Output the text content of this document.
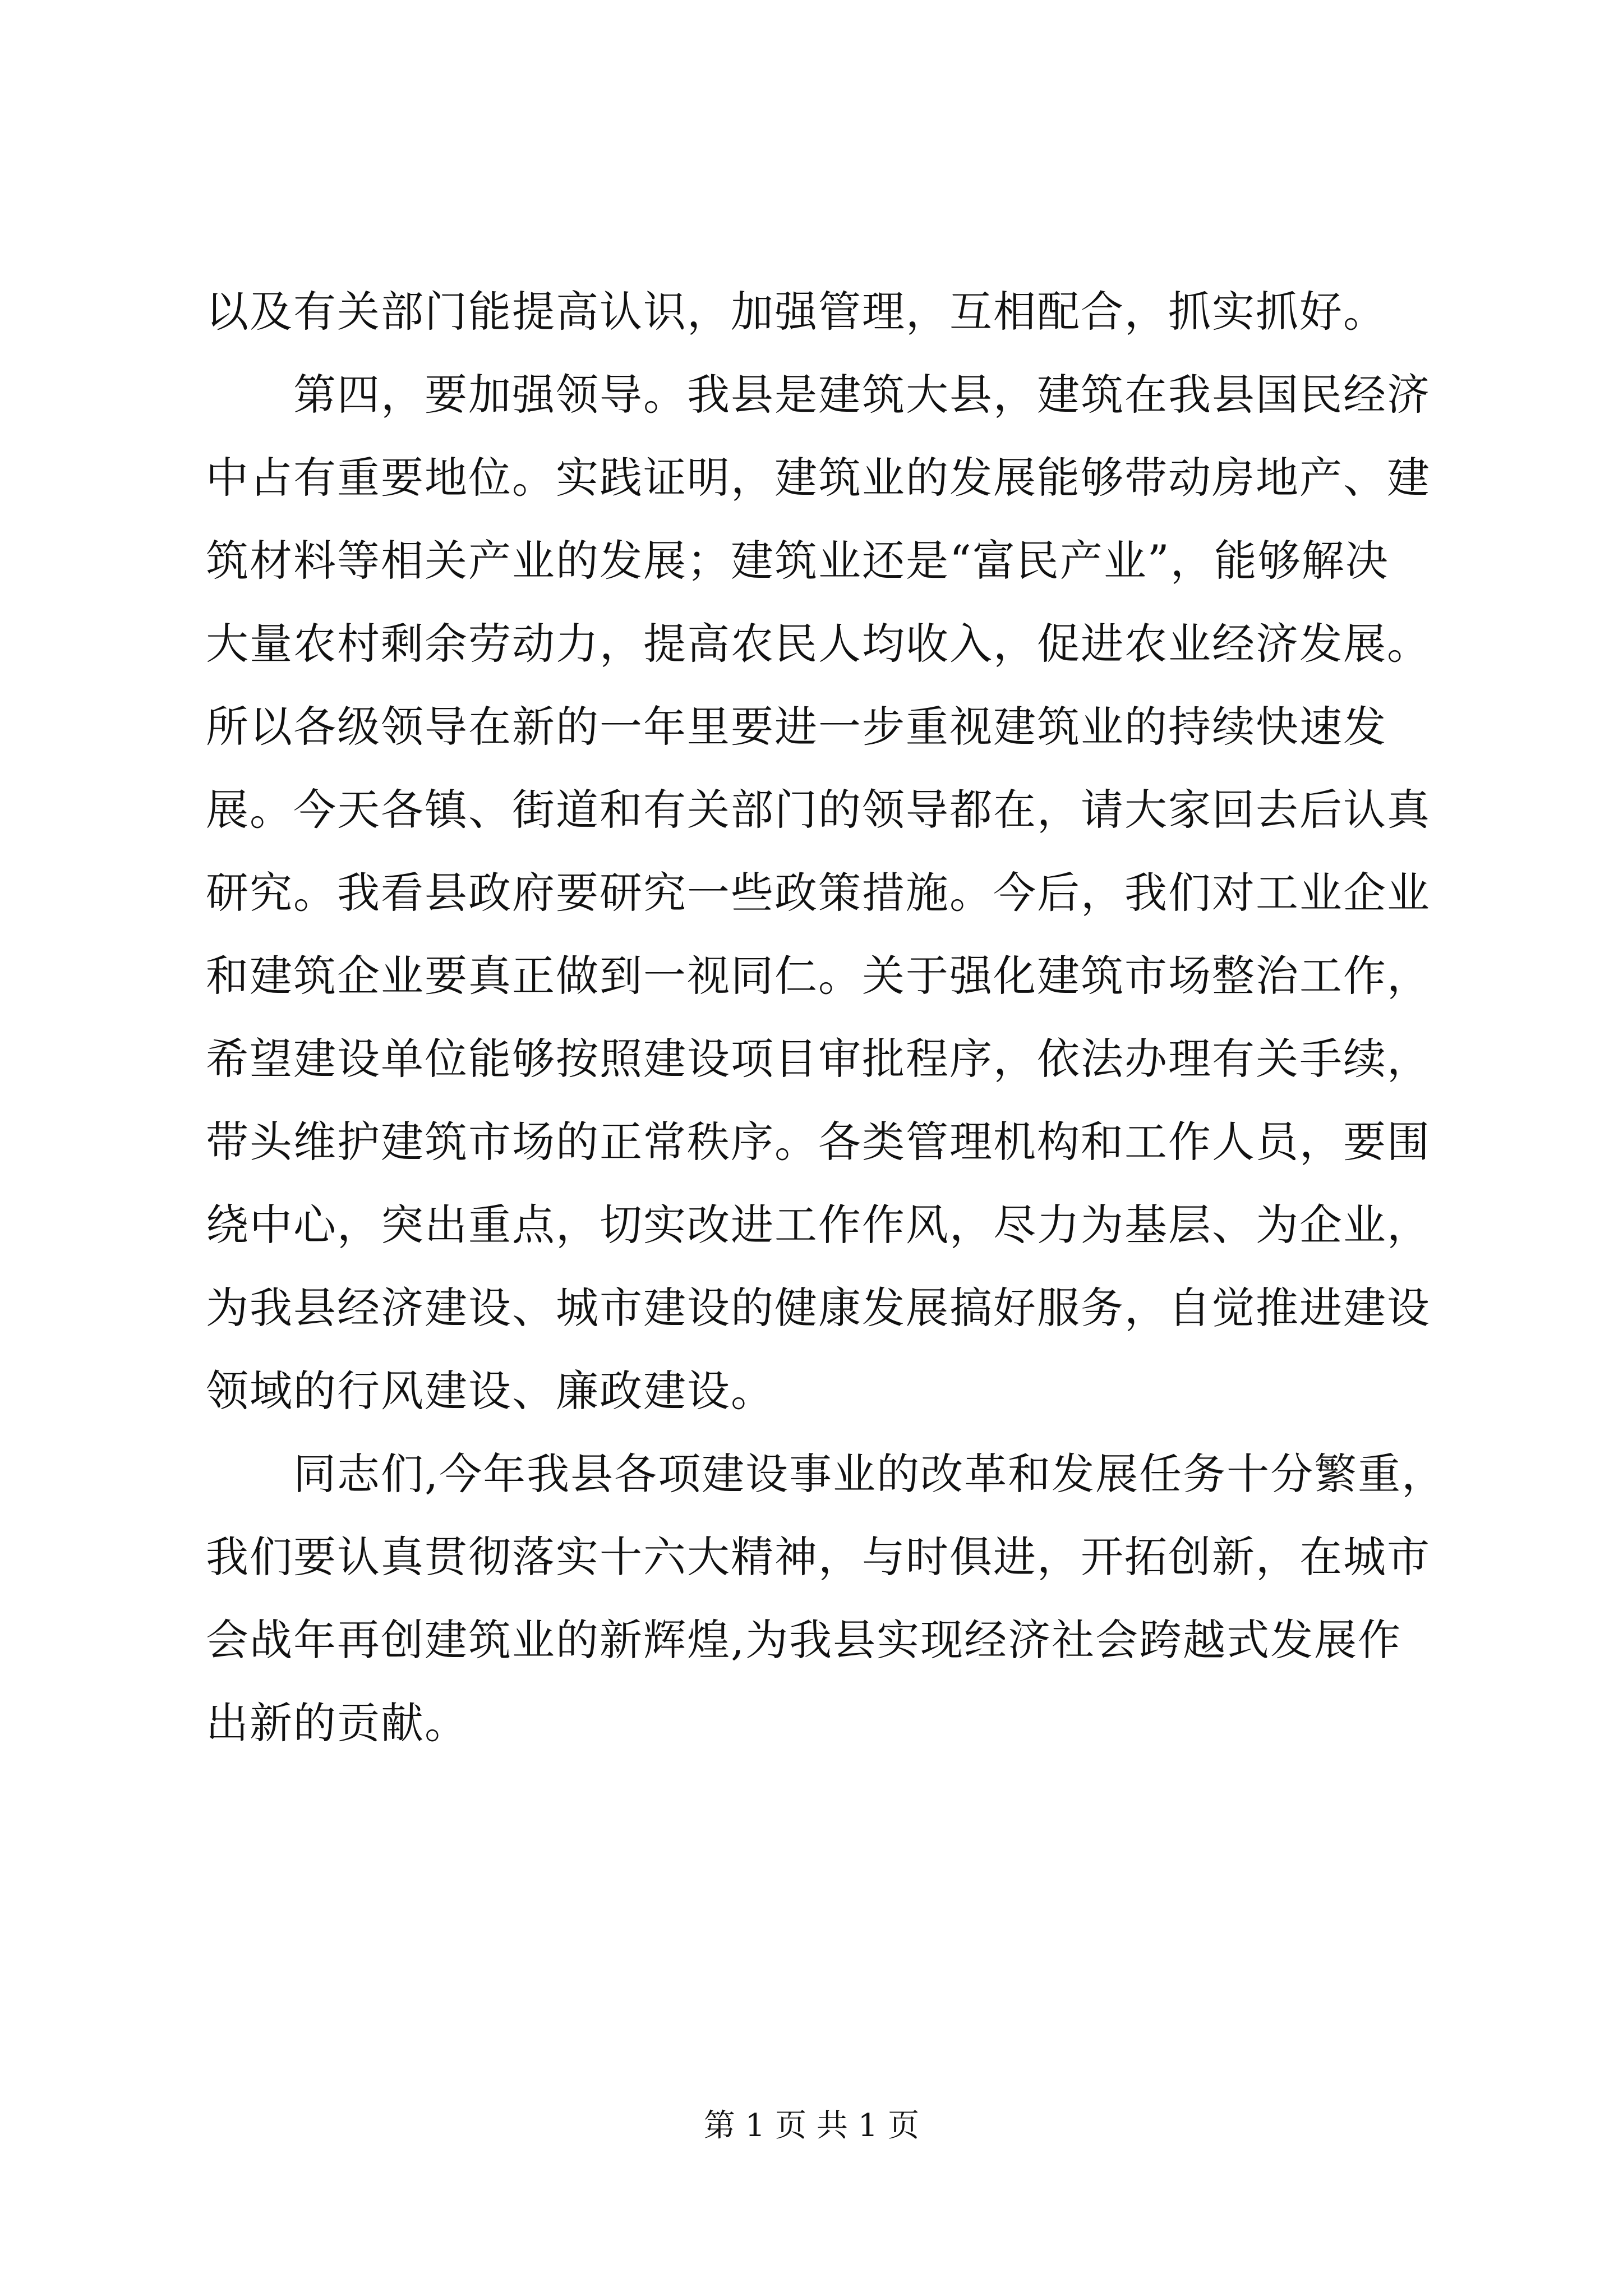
以及有关部门能提高认识，加强管理，互相配合，抓实抓好。
　　第四，要加强领导。我县是建筑大县，建筑在我县国民经济
中占有重要地位。实践证明，建筑业的发展能够带动房地产、建
筑材料等相关产业的发展；建筑业还是“富民产业”，能够解决
大量农村剩余劳动力，提高农民人均收入，促进农业经济发展。
所以各级领导在新的一年里要进一步重视建筑业的持续快速发
展。今天各镇、街道和有关部门的领导都在，请大家回去后认真
研究。我看县政府要研究一些政策措施。今后，我们对工业企业
和建筑企业要真正做到一视同仁。关于强化建筑市场整治工作，
希望建设单位能够按照建设项目审批程序，依法办理有关手续，
带头维护建筑市场的正常秩序。各类管理机构和工作人员，要围
绕中心，突出重点，切实改进工作作风，尽力为基层、为企业，
为我县经济建设、城市建设的健康发展搞好服务，自觉推进建设
领域的行风建设、廉政建设。
　　同志们,今年我县各项建设事业的改革和发展任务十分繁重，
我们要认真贯彻落实十六大精神，与时俱进，开拓创新，在城市
会战年再创建筑业的新辉煌,为我县实现经济社会跨越式发展作
出新的贡献。
第 1 页 共 1 页
